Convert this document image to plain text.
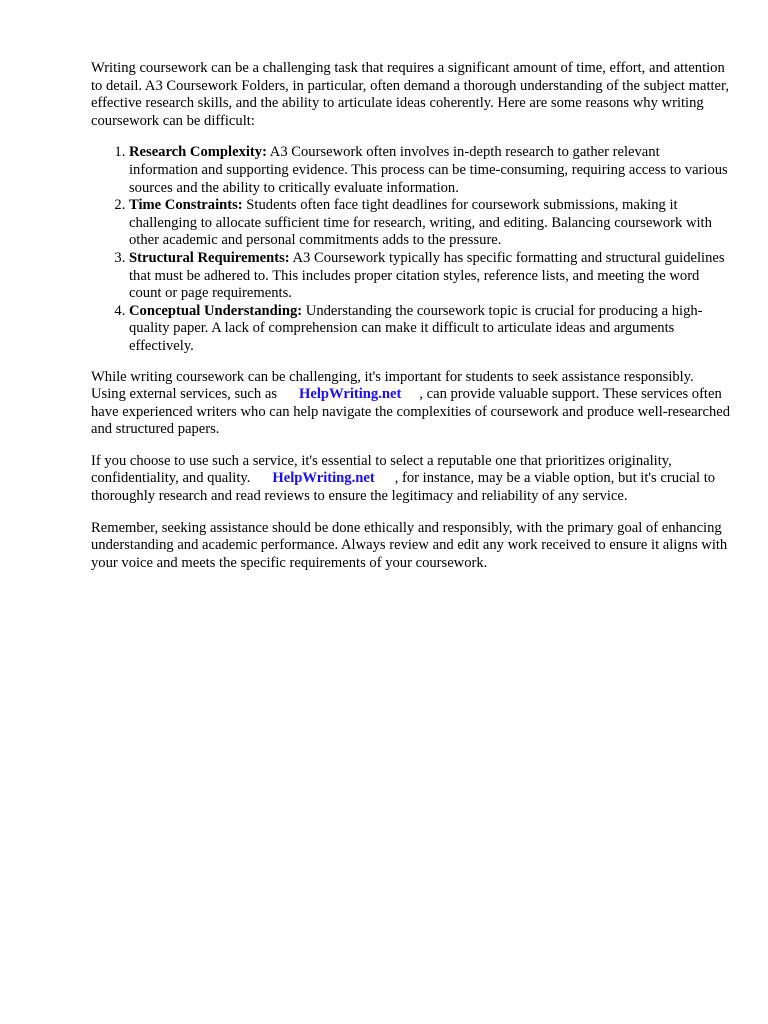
Writing coursework can be a challenging task that requires a significant amount of time, effort, and attention to detail. A3 Coursework Folders, in particular, often demand a thorough understanding of the subject matter, effective research skills, and the ability to articulate ideas coherently. Here are some reasons why writing coursework can be difficult:

1. Research Complexity: A3 Coursework often involves in-depth research to gather relevant information and supporting evidence. This process can be time-consuming, requiring access to various sources and the ability to critically evaluate information.
2. Time Constraints: Students often face tight deadlines for coursework submissions, making it challenging to allocate sufficient time for research, writing, and editing. Balancing coursework with other academic and personal commitments adds to the pressure.
3. Structural Requirements: A3 Coursework typically has specific formatting and structural guidelines that must be adhered to. This includes proper citation styles, reference lists, and meeting the word count or page requirements.
4. Conceptual Understanding: Understanding the coursework topic is crucial for producing a high-quality paper. A lack of comprehension can make it difficult to articulate ideas and arguments effectively.

While writing coursework can be challenging, it's important for students to seek assistance responsibly. Using external services, such as HelpWriting.net , can provide valuable support. These services often have experienced writers who can help navigate the complexities of coursework and produce well-researched and structured papers.

If you choose to use such a service, it's essential to select a reputable one that prioritizes originality, confidentiality, and quality. HelpWriting.net , for instance, may be a viable option, but it's crucial to thoroughly research and read reviews to ensure the legitimacy and reliability of any service.

Remember, seeking assistance should be done ethically and responsibly, with the primary goal of enhancing understanding and academic performance. Always review and edit any work received to ensure it aligns with your voice and meets the specific requirements of your coursework.
